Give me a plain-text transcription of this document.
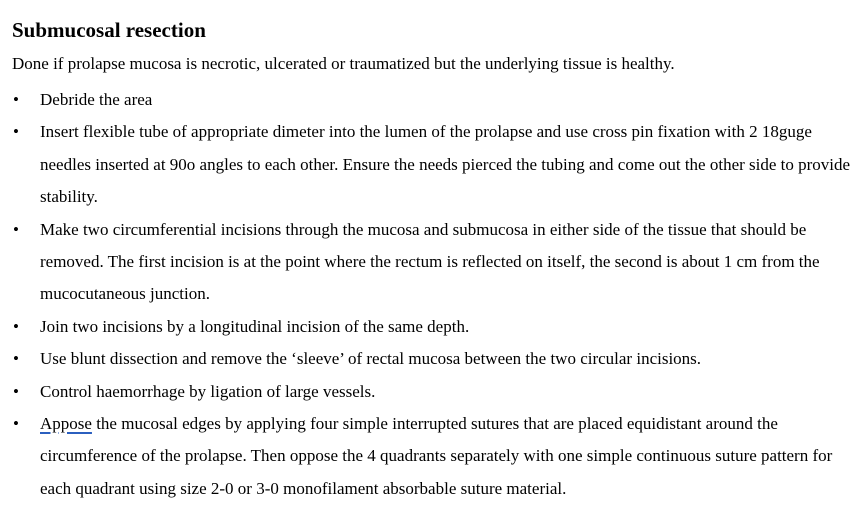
Submucosal resection

Done if prolapse mucosa is necrotic, ulcerated or traumatized but the underlying tissue is healthy.

• Debride the area
• Insert flexible tube of appropriate dimeter into the lumen of the prolapse and use cross pin fixation with 2 18guge needles inserted at 90o angles to each other. Ensure the needs pierced the tubing and come out the other side to provide stability.
• Make two circumferential incisions through the mucosa and submucosa in either side of the tissue that should be removed. The first incision is at the point where the rectum is reflected on itself, the second is about 1 cm from the mucocutaneous junction.
• Join two incisions by a longitudinal incision of the same depth.
• Use blunt dissection and remove the ‘sleeve’ of rectal mucosa between the two circular incisions.
• Control haemorrhage by ligation of large vessels.
• Appose the mucosal edges by applying four simple interrupted sutures that are placed equidistant around the circumference of the prolapse. Then oppose the 4 quadrants separately with one simple continuous suture pattern for each quadrant using size 2-0 or 3-0 monofilament absorbable suture material.
